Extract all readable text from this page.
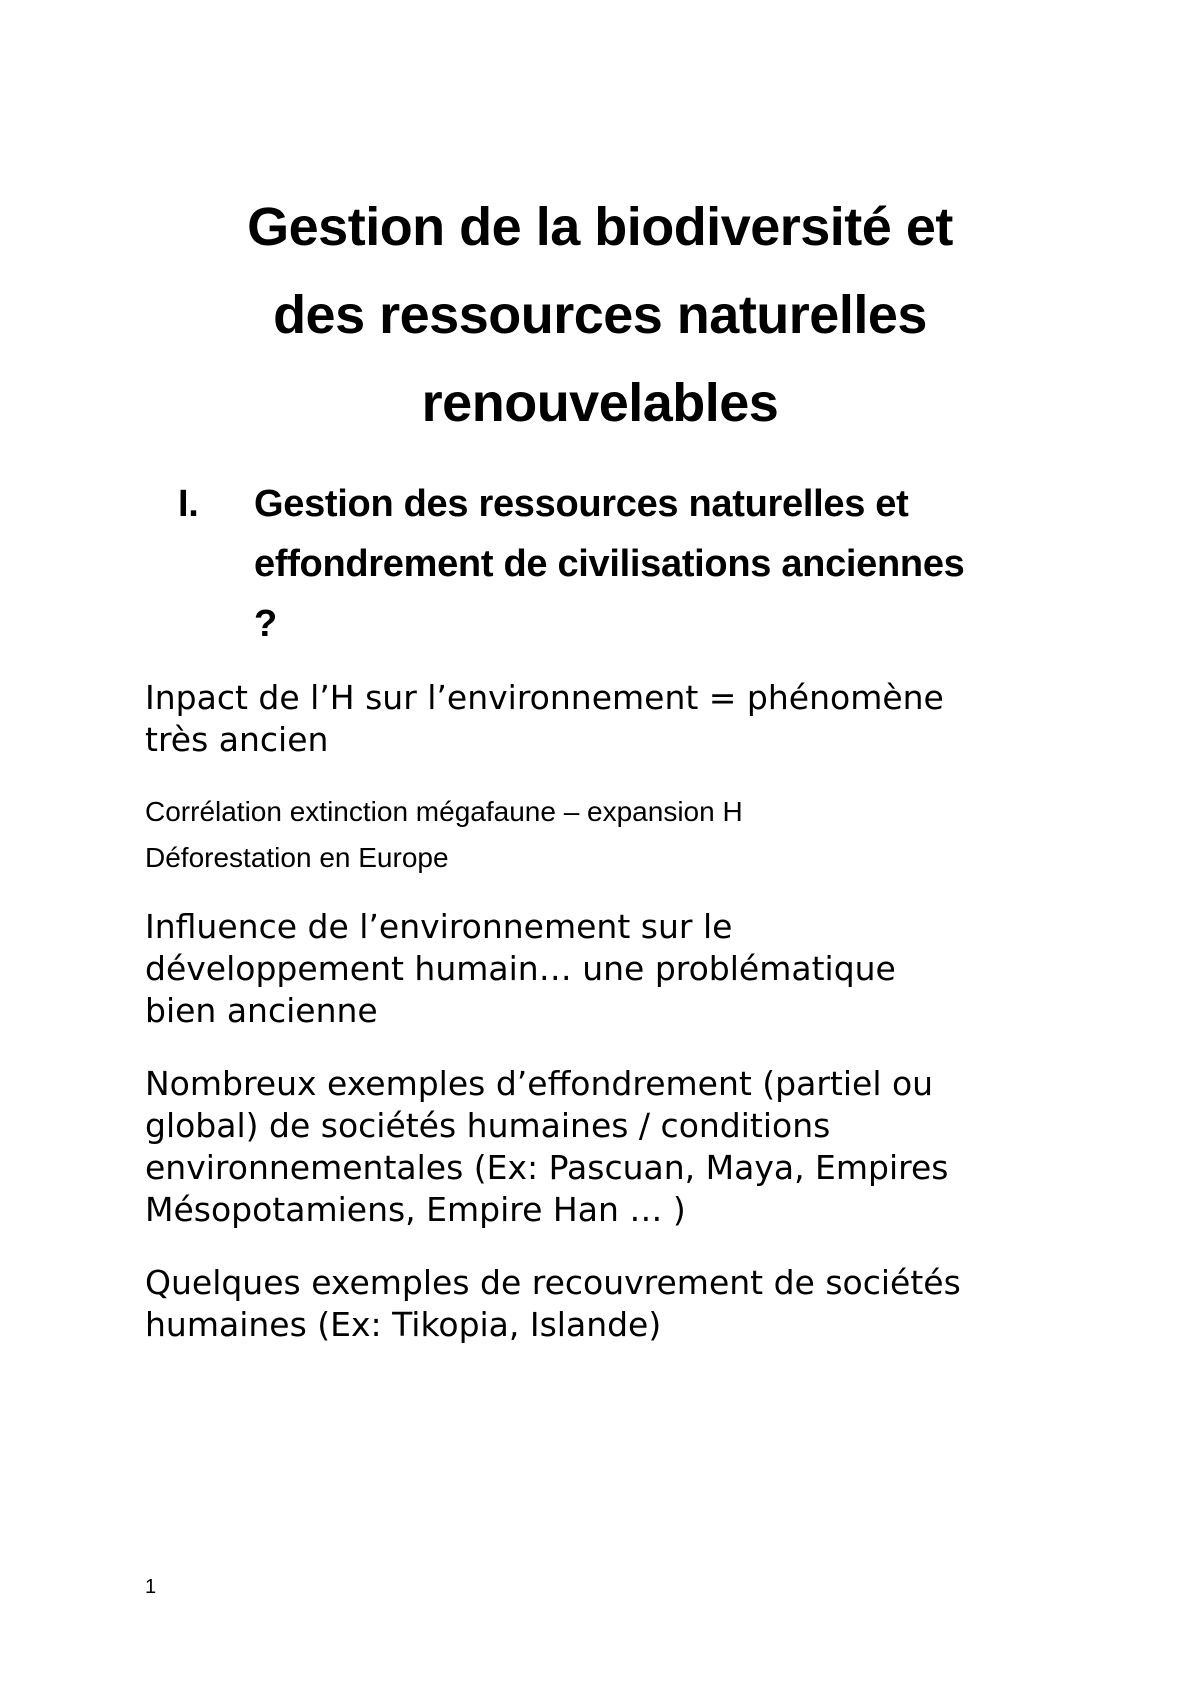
Gestion de la biodiversité et
des ressources naturelles
renouvelables
I. Gestion des ressources naturelles et
effondrement de civilisations anciennes
?

Inpact de l’H sur l’environnement = phénomène
très ancien

Corrélation extinction mégafaune – expansion H

Déforestation en Europe

Influence de l’environnement sur le
développement humain… une problématique
bien ancienne

Nombreux exemples d’effondrement (partiel ou
global) de sociétés humaines / conditions
environnementales (Ex: Pascuan, Maya, Empires
Mésopotamiens, Empire Han … )

Quelques exemples de recouvrement de sociétés
humaines (Ex: Tikopia, Islande)

1
